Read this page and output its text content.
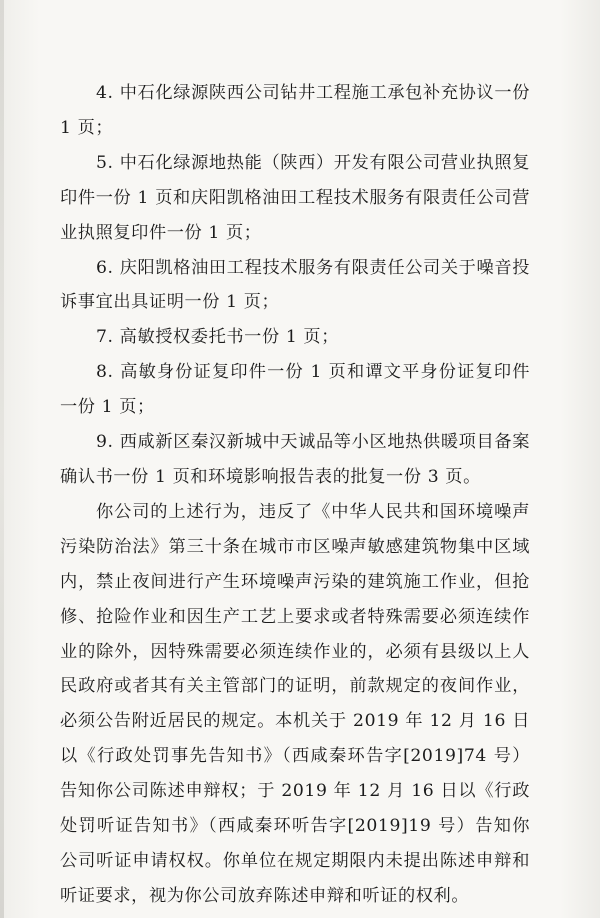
4. 中石化绿源陕西公司钻井工程施工承包补充协议一份 1 页；

5. 中石化绿源地热能（陕西）开发有限公司营业执照复印件一份 1 页和庆阳凯格油田工程技术服务有限责任公司营业执照复印件一份 1 页；

6. 庆阳凯格油田工程技术服务有限责任公司关于噪音投诉事宜出具证明一份 1 页；

7. 高敏授权委托书一份 1 页；

8. 高敏身份证复印件一份 1 页和谭文平身份证复印件一份 1 页；

9. 西咸新区秦汉新城中天诚品等小区地热供暖项目备案确认书一份 1 页和环境影响报告表的批复一份 3 页。

你公司的上述行为，违反了《中华人民共和国环境噪声污染防治法》第三十条在城市市区噪声敏感建筑物集中区域内，禁止夜间进行产生环境噪声污染的建筑施工作业，但抢修、抢险作业和因生产工艺上要求或者特殊需要必须连续作业的除外，因特殊需要必须连续作业的，必须有县级以上人民政府或者其有关主管部门的证明，前款规定的夜间作业，必须公告附近居民的规定。本机关于 2019 年 12 月 16 日以《行政处罚事先告知书》（西咸秦环告字[2019]74 号）告知你公司陈述申辩权；于 2019 年 12 月 16 日以《行政处罚听证告知书》（西咸秦环听告字[2019]19 号）告知你公司听证申请权权。你单位在规定期限内未提出陈述申辩和听证要求，视为你公司放弃陈述申辩和听证的权利。
